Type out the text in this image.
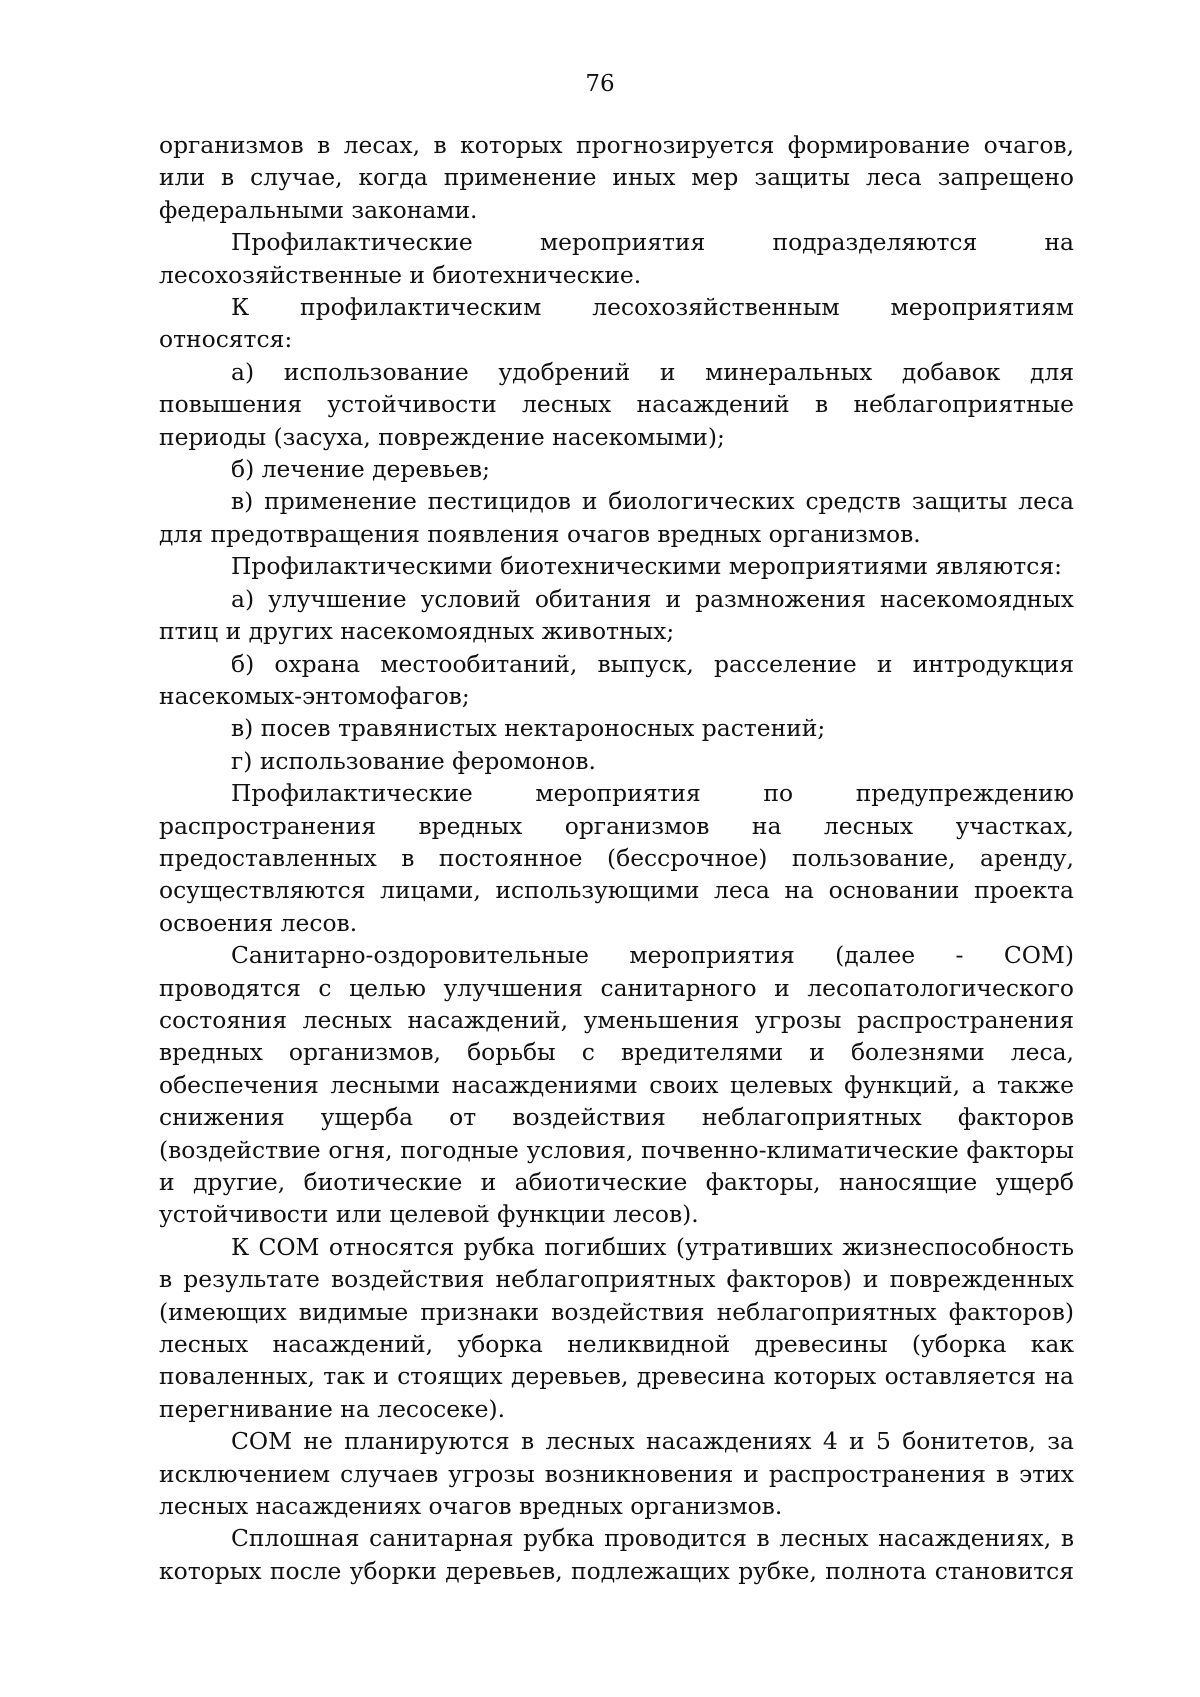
76

организмов в лесах, в которых прогнозируется формирование очагов, или в случае, когда применение иных мер защиты леса запрещено федеральными законами.

Профилактические мероприятия подразделяются на лесохозяйственные и биотехнические.

К профилактическим лесохозяйственным мероприятиям относятся:

а) использование удобрений и минеральных добавок для повышения устойчивости лесных насаждений в неблагоприятные периоды (засуха, повреждение насекомыми);

б) лечение деревьев;

в) применение пестицидов и биологических средств защиты леса для предотвращения появления очагов вредных организмов.

Профилактическими биотехническими мероприятиями являются:

а) улучшение условий обитания и размножения насекомоядных птиц и других насекомоядных животных;

б) охрана местообитаний, выпуск, расселение и интродукция насекомых-энтомофагов;

в) посев травянистых нектароносных растений;

г) использование феромонов.

Профилактические мероприятия по предупреждению распространения вредных организмов на лесных участках, предоставленных в постоянное (бессрочное) пользование, аренду, осуществляются лицами, использующими леса на основании проекта освоения лесов.

Санитарно-оздоровительные мероприятия (далее - СОМ) проводятся с целью улучшения санитарного и лесопатологического состояния лесных насаждений, уменьшения угрозы распространения вредных организмов, борьбы с вредителями и болезнями леса, обеспечения лесными насаждениями своих целевых функций, а также снижения ущерба от воздействия неблагоприятных факторов (воздействие огня, погодные условия, почвенно-климатические факторы и другие, биотические и абиотические факторы, наносящие ущерб устойчивости или целевой функции лесов).

К СОМ относятся рубка погибших (утративших жизнеспособность в результате воздействия неблагоприятных факторов) и поврежденных (имеющих видимые признаки воздействия неблагоприятных факторов) лесных насаждений, уборка неликвидной древесины (уборка как поваленных, так и стоящих деревьев, древесина которых оставляется на перегнивание на лесосеке).

СОМ не планируются в лесных насаждениях 4 и 5 бонитетов, за исключением случаев угрозы возникновения и распространения в этих лесных насаждениях очагов вредных организмов.

Сплошная санитарная рубка проводится в лесных насаждениях, в которых после уборки деревьев, подлежащих рубке, полнота становится
